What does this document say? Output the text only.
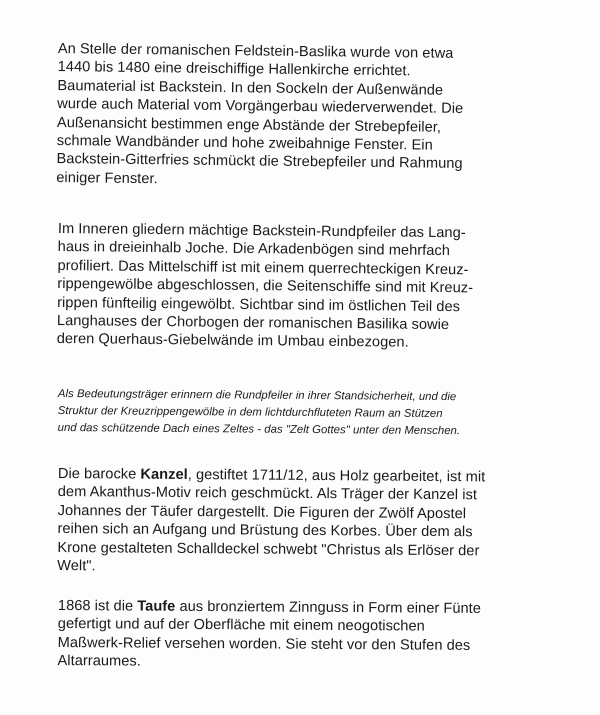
An Stelle der romanischen Feldstein-Baslika wurde von etwa
1440 bis 1480 eine dreischiffige Hallenkirche errichtet.
Baumaterial ist Backstein. In den Sockeln der Außenwände
wurde auch Material vom Vorgängerbau wiederverwendet. Die
Außenansicht bestimmen enge Abstände der Strebepfeiler,
schmale Wandbänder und hohe zweibahnige Fenster. Ein
Backstein-Gitterfries schmückt die Strebepfeiler und Rahmung
einiger Fenster.
Im Inneren gliedern mächtige Backstein-Rundpfeiler das Lang-
haus in dreieinhalb Joche. Die Arkadenbögen sind mehrfach
profiliert. Das Mittelschiff ist mit einem querrechteckigen Kreuz-
rippengewölbe abgeschlossen, die Seitenschiffe sind mit Kreuz-
rippen fünfteilig eingewölbt. Sichtbar sind im östlichen Teil des
Langhauses der Chorbogen der romanischen Basilika sowie
deren Querhaus-Giebelwände im Umbau einbezogen.
Als Bedeutungsträger erinnern die Rundpfeiler in ihrer Standsicherheit, und die
Struktur der Kreuzrippengewölbe in dem lichtdurchfluteten Raum an Stützen
und das schützende Dach eines Zeltes - das "Zelt Gottes" unter den Menschen.
Die barocke Kanzel, gestiftet 1711/12, aus Holz gearbeitet, ist mit
dem Akanthus-Motiv reich geschmückt. Als Träger der Kanzel ist
Johannes der Täufer dargestellt. Die Figuren der Zwölf Apostel
reihen sich an Aufgang und Brüstung des Korbes. Über dem als
Krone gestalteten Schalldeckel schwebt "Christus als Erlöser der
Welt".
1868 ist die Taufe aus bronziertem Zinnguss in Form einer Fünte
gefertigt und auf der Oberfläche mit einem neogotischen
Maßwerk-Relief versehen worden. Sie steht vor den Stufen des
Altarraumes.
